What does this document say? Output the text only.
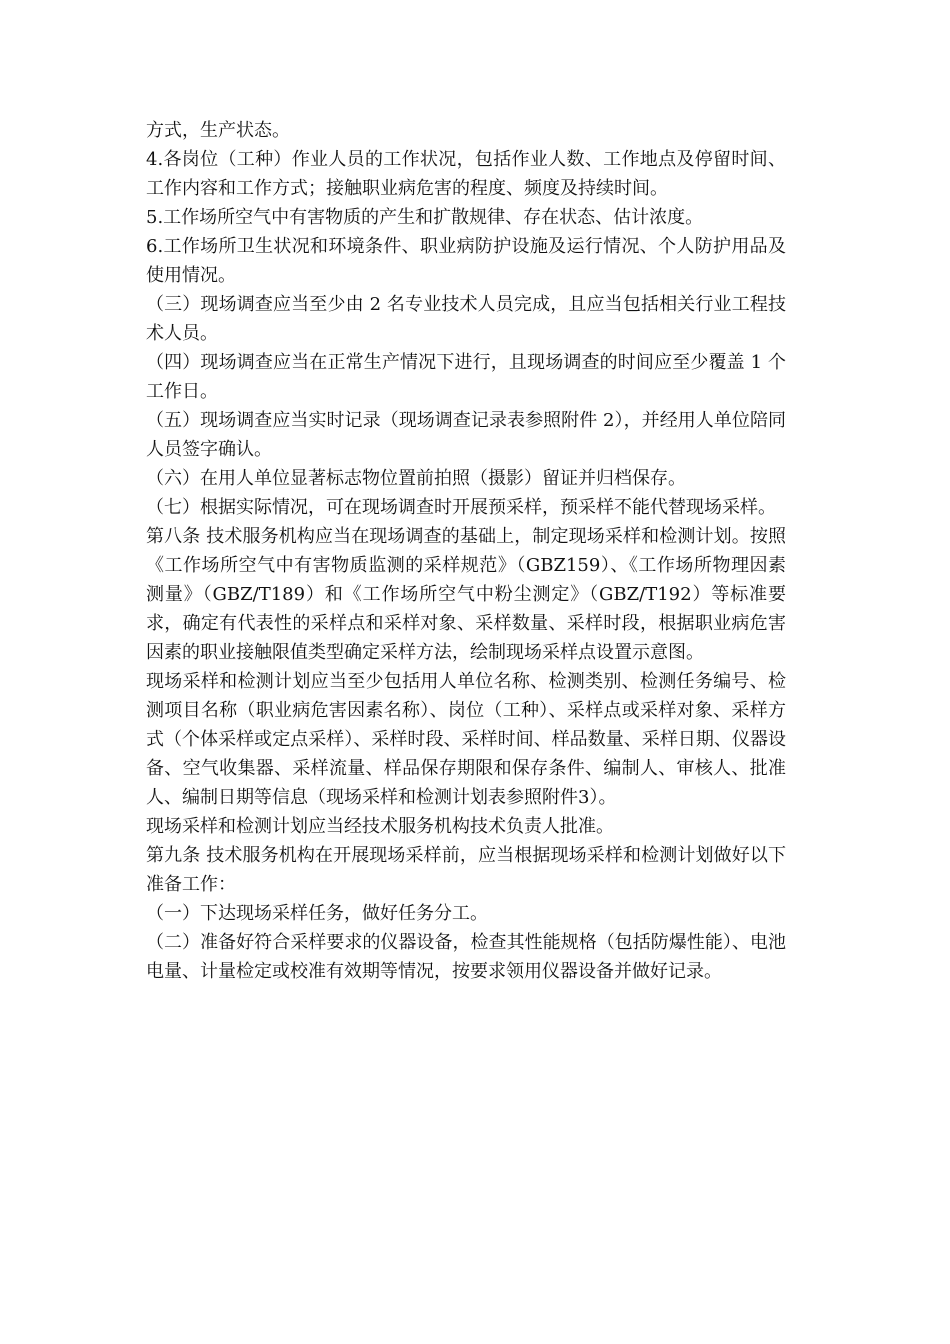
方式，生产状态。

4.各岗位（工种）作业人员的工作状况，包括作业人数、工作地点及停留时间、工作内容和工作方式；接触职业病危害的程度、频度及持续时间。

5.工作场所空气中有害物质的产生和扩散规律、存在状态、估计浓度。

6.工作场所卫生状况和环境条件、职业病防护设施及运行情况、个人防护用品及使用情况。

（三）现场调查应当至少由 2 名专业技术人员完成，且应当包括相关行业工程技术人员。

（四）现场调查应当在正常生产情况下进行，且现场调查的时间应至少覆盖 1 个工作日。

（五）现场调查应当实时记录（现场调查记录表参照附件 2），并经用人单位陪同人员签字确认。

（六）在用人单位显著标志物位置前拍照（摄影）留证并归档保存。

（七）根据实际情况，可在现场调查时开展预采样，预采样不能代替现场采样。

第八条 技术服务机构应当在现场调查的基础上，制定现场采样和检测计划。按照《工作场所空气中有害物质监测的采样规范》（GBZ159）、《工作场所物理因素测量》（GBZ/T189）和《工作场所空气中粉尘测定》（GBZ/T192）等标准要求，确定有代表性的采样点和采样对象、采样数量、采样时段，根据职业病危害因素的职业接触限值类型确定采样方法，绘制现场采样点设置示意图。

现场采样和检测计划应当至少包括用人单位名称、检测类别、检测任务编号、检测项目名称（职业病危害因素名称）、岗位（工种）、采样点或采样对象、采样方式（个体采样或定点采样）、采样时段、采样时间、样品数量、采样日期、仪器设备、空气收集器、采样流量、样品保存期限和保存条件、编制人、审核人、批准人、编制日期等信息（现场采样和检测计划表参照附件3）。

现场采样和检测计划应当经技术服务机构技术负责人批准。

第九条 技术服务机构在开展现场采样前，应当根据现场采样和检测计划做好以下准备工作：

（一）下达现场采样任务，做好任务分工。

（二）准备好符合采样要求的仪器设备，检查其性能规格（包括防爆性能）、电池电量、计量检定或校准有效期等情况，按要求领用仪器设备并做好记录。
